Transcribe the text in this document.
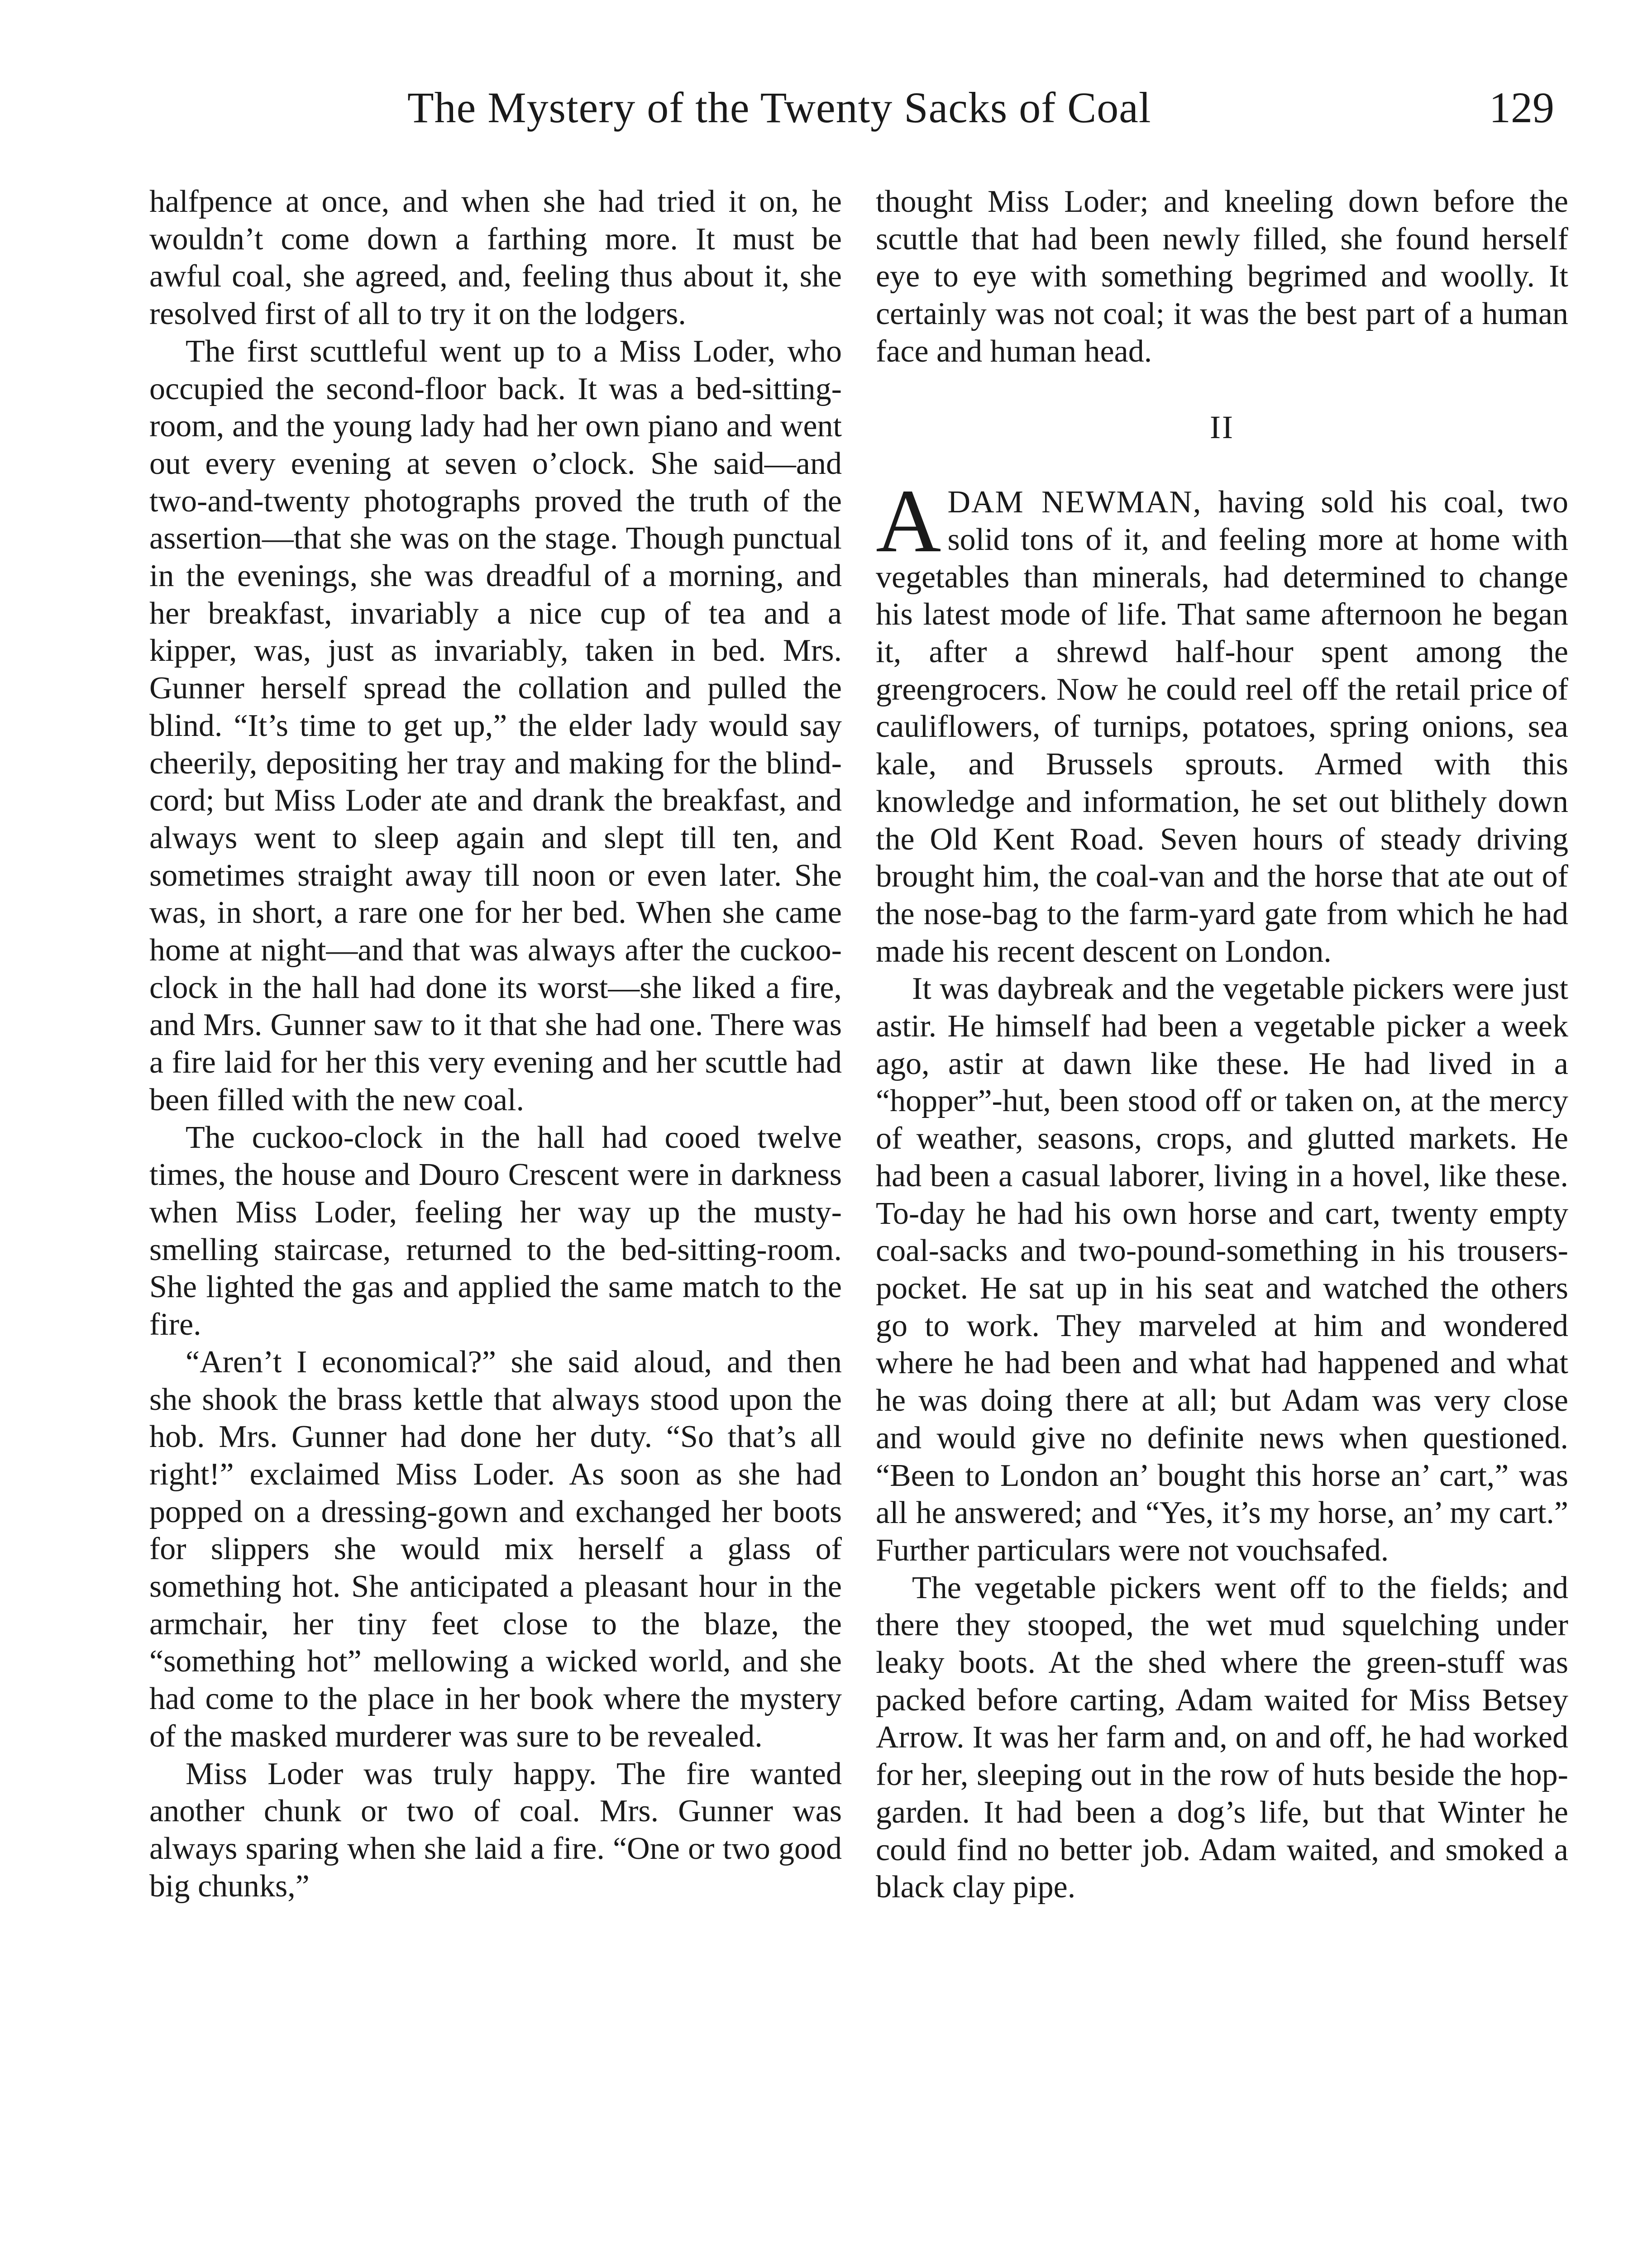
The Mystery of the Twenty Sacks of Coal	129

halfpence at once, and when she had tried it on, he wouldn’t come down a farthing more. It must be awful coal, she agreed, and, feeling thus about it, she resolved first of all to try it on the lodgers.

The first scuttleful went up to a Miss Loder, who occupied the second-floor back. It was a bed-sitting-room, and the young lady had her own piano and went out every evening at seven o’clock. She said—and two-and-twenty photographs proved the truth of the assertion—that she was on the stage. Though punctual in the evenings, she was dreadful of a morning, and her breakfast, invariably a nice cup of tea and a kipper, was, just as invariably, taken in bed. Mrs. Gunner herself spread the collation and pulled the blind. “It’s time to get up,” the elder lady would say cheerily, depositing her tray and making for the blind-cord; but Miss Loder ate and drank the breakfast, and always went to sleep again and slept till ten, and sometimes straight away till noon or even later. She was, in short, a rare one for her bed. When she came home at night—and that was always after the cuckoo-clock in the hall had done its worst—she liked a fire, and Mrs. Gunner saw to it that she had one. There was a fire laid for her this very evening and her scuttle had been filled with the new coal.

The cuckoo-clock in the hall had cooed twelve times, the house and Douro Crescent were in darkness when Miss Loder, feeling her way up the musty-smelling staircase, returned to the bed-sitting-room. She lighted the gas and applied the same match to the fire.

“Aren’t I economical?” she said aloud, and then she shook the brass kettle that always stood upon the hob. Mrs. Gunner had done her duty. “So that’s all right!” exclaimed Miss Loder. As soon as she had popped on a dressing-gown and exchanged her boots for slippers she would mix herself a glass of something hot. She anticipated a pleasant hour in the armchair, her tiny feet close to the blaze, the “something hot” mellowing a wicked world, and she had come to the place in her book where the mystery of the masked murderer was sure to be revealed.

Miss Loder was truly happy. The fire wanted another chunk or two of coal. Mrs. Gunner was always sparing when she laid a fire. “One or two good big chunks,”

thought Miss Loder; and kneeling down before the scuttle that had been newly filled, she found herself eye to eye with something begrimed and woolly. It certainly was not coal; it was the best part of a human face and human head.

II

ADAM NEWMAN, having sold his coal, two solid tons of it, and feeling more at home with vegetables than minerals, had determined to change his latest mode of life. That same afternoon he began it, after a shrewd half-hour spent among the greengrocers. Now he could reel off the retail price of cauliflowers, of turnips, potatoes, spring onions, sea kale, and Brussels sprouts. Armed with this knowledge and information, he set out blithely down the Old Kent Road. Seven hours of steady driving brought him, the coal-van and the horse that ate out of the nose-bag to the farm-yard gate from which he had made his recent descent on London.

It was daybreak and the vegetable pickers were just astir. He himself had been a vegetable picker a week ago, astir at dawn like these. He had lived in a “hopper”-hut, been stood off or taken on, at the mercy of weather, seasons, crops, and glutted markets. He had been a casual laborer, living in a hovel, like these. To-day he had his own horse and cart, twenty empty coal-sacks and two-pound-something in his trousers-pocket. He sat up in his seat and watched the others go to work. They marveled at him and wondered where he had been and what had happened and what he was doing there at all; but Adam was very close and would give no definite news when questioned. “Been to London an’ bought this horse an’ cart,” was all he answered; and “Yes, it’s my horse, an’ my cart.” Further particulars were not vouchsafed.

The vegetable pickers went off to the fields; and there they stooped, the wet mud squelching under leaky boots. At the shed where the green-stuff was packed before carting, Adam waited for Miss Betsey Arrow. It was her farm and, on and off, he had worked for her, sleeping out in the row of huts beside the hop-garden. It had been a dog’s life, but that Winter he could find no better job. Adam waited, and smoked a black clay pipe.
